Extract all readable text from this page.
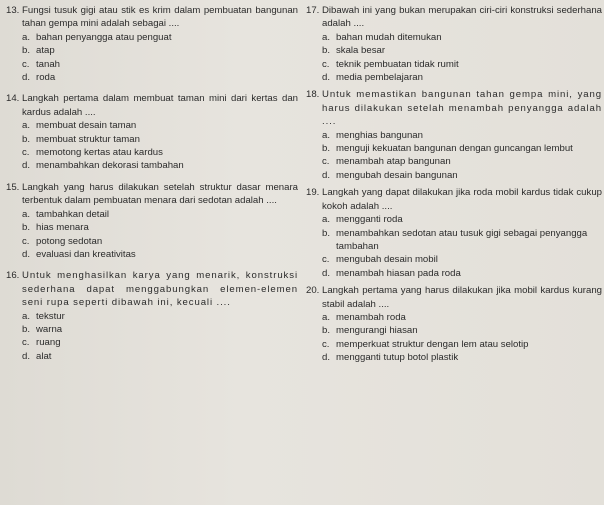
13. Fungsi tusuk gigi atau stik es krim dalam pembuatan bangunan tahan gempa mini adalah sebagai ....
a. bahan penyangga atau penguat
b. atap
c. tanah
d. roda
14. Langkah pertama dalam membuat taman mini dari kertas dan kardus adalah ....
a. membuat desain taman
b. membuat struktur taman
c. memotong kertas atau kardus
d. menambahkan dekorasi tambahan
15. Langkah yang harus dilakukan setelah struktur dasar menara terbentuk dalam pembuatan menara dari sedotan adalah ....
a. tambahkan detail
b. hias menara
c. potong sedotan
d. evaluasi dan kreativitas
16. Untuk menghasilkan karya yang menarik, konstruksi sederhana dapat menggabungkan elemen-elemen seni rupa seperti dibawah ini, kecuali ....
a. tekstur
b. warna
c. ruang
d. alat
17. Dibawah ini yang bukan merupakan ciri-ciri konstruksi sederhana adalah ....
a. bahan mudah ditemukan
b. skala besar
c. teknik pembuatan tidak rumit
d. media pembelajaran
18. Untuk memastikan bangunan tahan gempa mini, yang harus dilakukan setelah menambah penyangga adalah ....
a. menghias bangunan
b. menguji kekuatan bangunan dengan guncangan lembut
c. menambah atap bangunan
d. mengubah desain bangunan
19. Langkah yang dapat dilakukan jika roda mobil kardus tidak cukup kokoh adalah ....
a. mengganti roda
b. menambahkan sedotan atau tusuk gigi sebagai penyangga tambahan
c. mengubah desain mobil
d. menambah hiasan pada roda
20. Langkah pertama yang harus dilakukan jika mobil kardus kurang stabil adalah ....
a. menambah roda
b. mengurangi hiasan
c. memperkuat struktur dengan lem atau selotip
d. mengganti tutup botol plastik
